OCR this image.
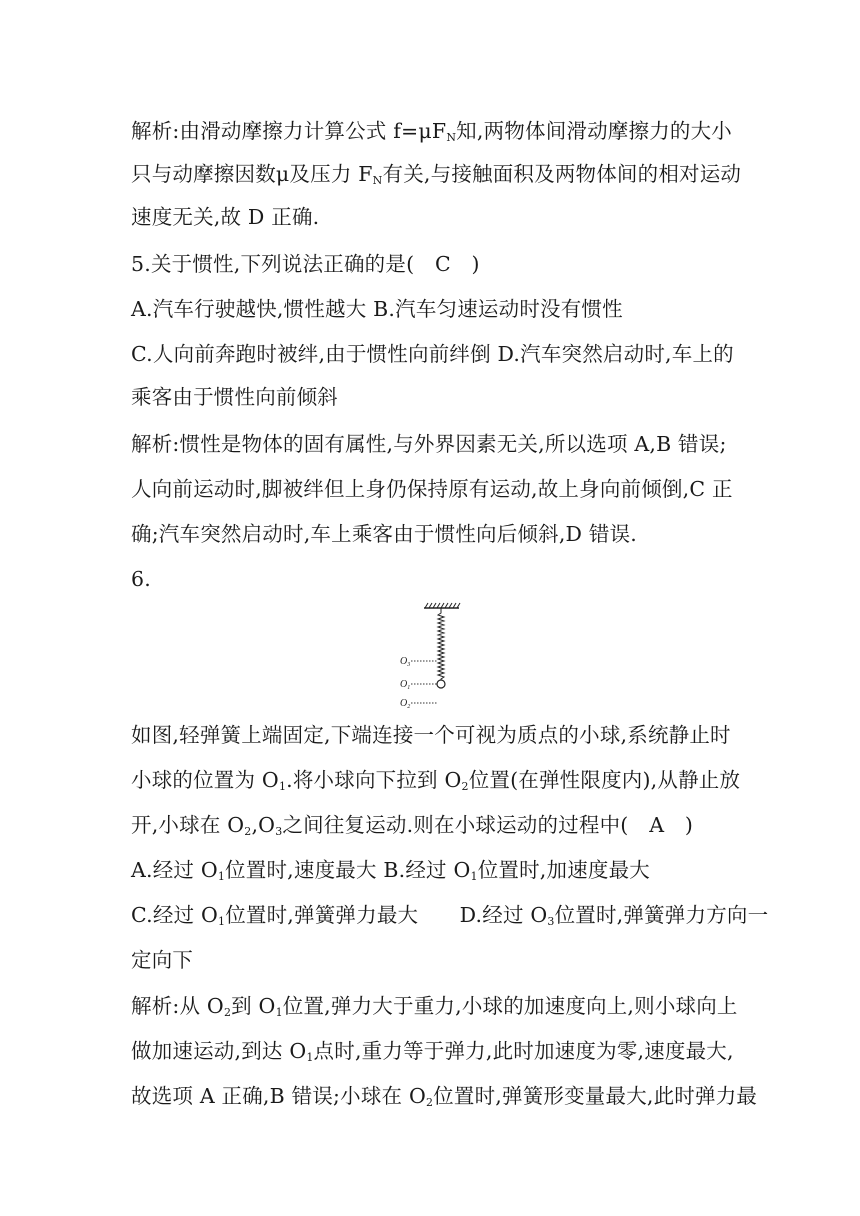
解析:由滑动摩擦力计算公式 $f=\mu F_N$知,两物体间滑动摩擦力的大小
只与动摩擦因数μ及压力 $F_N$有关,与接触面积及两物体间的相对运动
速度无关,故 D 正确.
5.关于惯性,下列说法正确的是(　C　)
A.汽车行驶越快,惯性越大 B.汽车匀速运动时没有惯性
C.人向前奔跑时被绊,由于惯性向前绊倒 D.汽车突然启动时,车上的
乘客由于惯性向前倾斜
解析:惯性是物体的固有属性,与外界因素无关,所以选项 A,B 错误;
人向前运动时,脚被绊但上身仍保持原有运动,故上身向前倾倒,C 正
确;汽车突然启动时,车上乘客由于惯性向后倾斜,D 错误.
6.
$O_3$
$O_1$
$O_2$
如图,轻弹簧上端固定,下端连接一个可视为质点的小球,系统静止时
小球的位置为 $O_1$.将小球向下拉到 $O_2$位置(在弹性限度内),从静止放
开,小球在 $O_2,O_3$之间往复运动.则在小球运动的过程中(　A　)
A.经过 $O_1$位置时,速度最大 B.经过 $O_1$位置时,加速度最大
C.经过 $O_1$位置时,弹簧弹力最大　　D.经过 $O_3$位置时,弹簧弹力方向一
定向下
解析:从 $O_2$到 $O_1$位置,弹力大于重力,小球的加速度向上,则小球向上
做加速运动,到达 $O_1$点时,重力等于弹力,此时加速度为零,速度最大,
故选项 A 正确,B 错误;小球在 $O_2$位置时,弹簧形变量最大,此时弹力最
